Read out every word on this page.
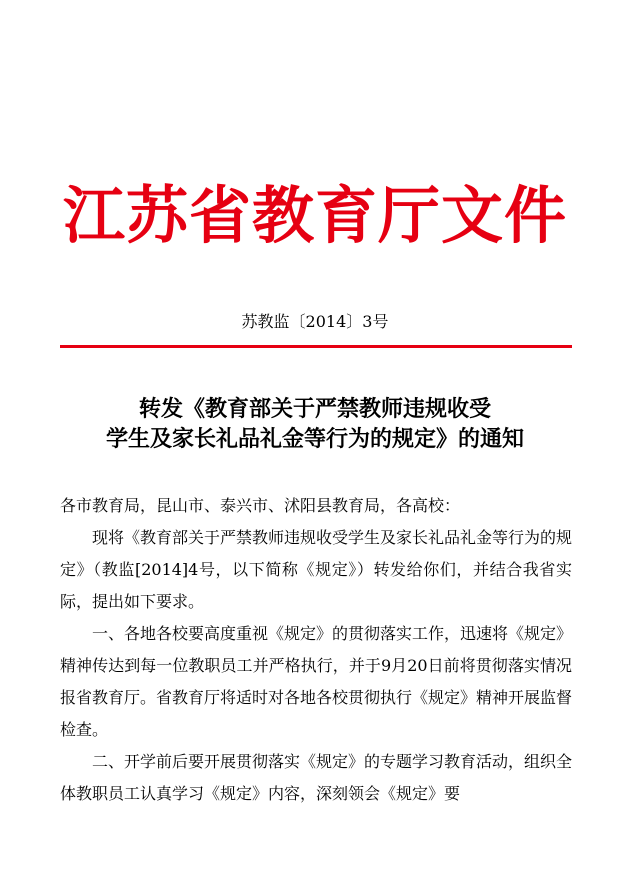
江苏省教育厅文件
苏教监〔2014〕3号
转发《教育部关于严禁教师违规收受
学生及家长礼品礼金等行为的规定》的通知

各市教育局，昆山市、泰兴市、沭阳县教育局，各高校：

现将《教育部关于严禁教师违规收受学生及家长礼品礼金等行为的规定》（教监[2014]4号，以下简称《规定》）转发给你们，并结合我省实际，提出如下要求。

一、各地各校要高度重视《规定》的贯彻落实工作，迅速将《规定》精神传达到每一位教职员工并严格执行，并于9月20日前将贯彻落实情况报省教育厅。省教育厅将适时对各地各校贯彻执行《规定》精神开展监督检查。

二、开学前后要开展贯彻落实《规定》的专题学习教育活动，组织全体教职员工认真学习《规定》内容，深刻领会《规定》要
